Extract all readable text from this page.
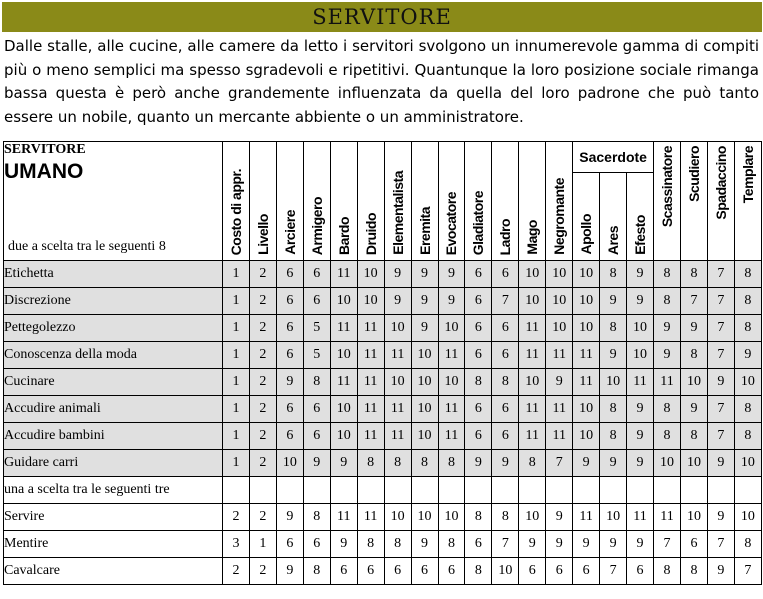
SERVITORE
Dalle stalle, alle cucine, alle camere da letto i servitori svolgono un innumerevole gamma di compiti più o meno semplici ma spesso sgradevoli e ripetitivi. Quantunque la loro posizione sociale rimanga bassa questa è però anche grandemente influenzata da quella del loro padrone che può tanto essere un nobile, quanto un mercante abbiente o un amministratore.
SERVITORE
UMANO
due a scelta tra le seguenti 8	Costo di appr.	Livello	Arciere	Armigero	Bardo	Druido	Elementalista	Eremita	Evocatore	Gladiatore	Ladro	Mago	Negromante	Sacerdote			Scassinatore	Scudiero	Spadaccino	Templare
														Apollo	Ares	Efesto				
Etichetta	1	2	6	6	11	10	9	9	9	6	6	10	10	10	8	9	8	8	7	8
Discrezione	1	2	6	6	10	10	9	9	9	6	7	10	10	10	9	9	8	7	7	8
Pettegolezzo	1	2	6	5	11	11	10	9	10	6	6	11	10	10	8	10	9	9	7	8
Conoscenza della moda	1	2	6	5	10	11	11	10	11	6	6	11	11	11	9	10	9	8	7	9
Cucinare	1	2	9	8	11	11	10	10	10	8	8	10	9	11	10	11	11	10	9	10
Accudire animali	1	2	6	6	10	11	11	10	11	6	6	11	11	10	8	9	8	9	7	8
Accudire bambini	1	2	6	6	10	11	11	10	11	6	6	11	11	10	8	9	8	8	7	8
Guidare carri	1	2	10	9	9	8	8	8	8	9	9	8	7	9	9	9	10	10	9	10
una a scelta tra le seguenti tre																				
Servire	2	2	9	8	11	11	10	10	10	8	8	10	9	11	10	11	11	10	9	10
Mentire	3	1	6	6	9	8	8	9	8	6	7	9	9	9	9	9	7	6	7	8
Cavalcare	2	2	9	8	6	6	6	6	6	8	10	6	6	6	7	6	8	8	9	7
